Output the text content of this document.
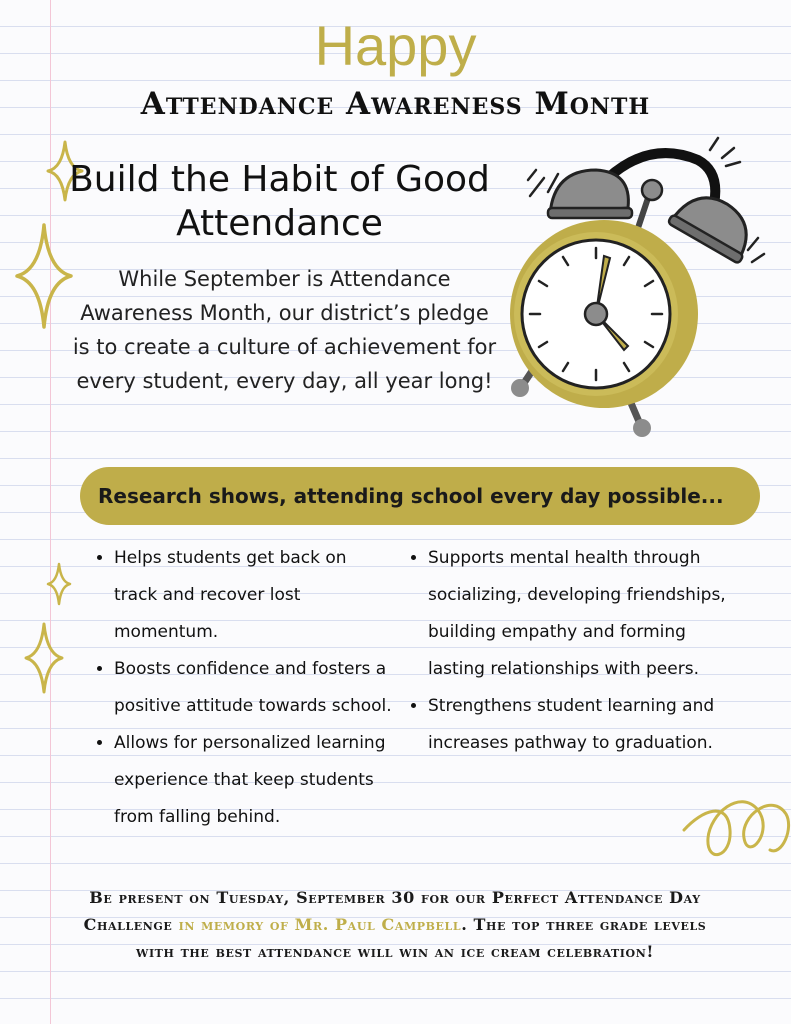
Happy
Attendance Awareness Month
Build the Habit of Good Attendance
While September is Attendance Awareness Month, our district’s pledge is to create a culture of achievement for every student, every day, all year long!
Research shows, attending school every day possible...
• Helps students get back on track and recover lost momentum.
• Boosts confidence and fosters a positive attitude towards school.
• Allows for personalized learning experience that keep students from falling behind.
• Supports mental health through socializing, developing friendships, building empathy and forming lasting relationships with peers.
• Strengthens student learning and increases pathway to graduation.
Be present on Tuesday, September 30 for our Perfect Attendance Day Challenge in memory of Mr. Paul Campbell. The top three grade levels with the best attendance will win an ice cream celebration!
